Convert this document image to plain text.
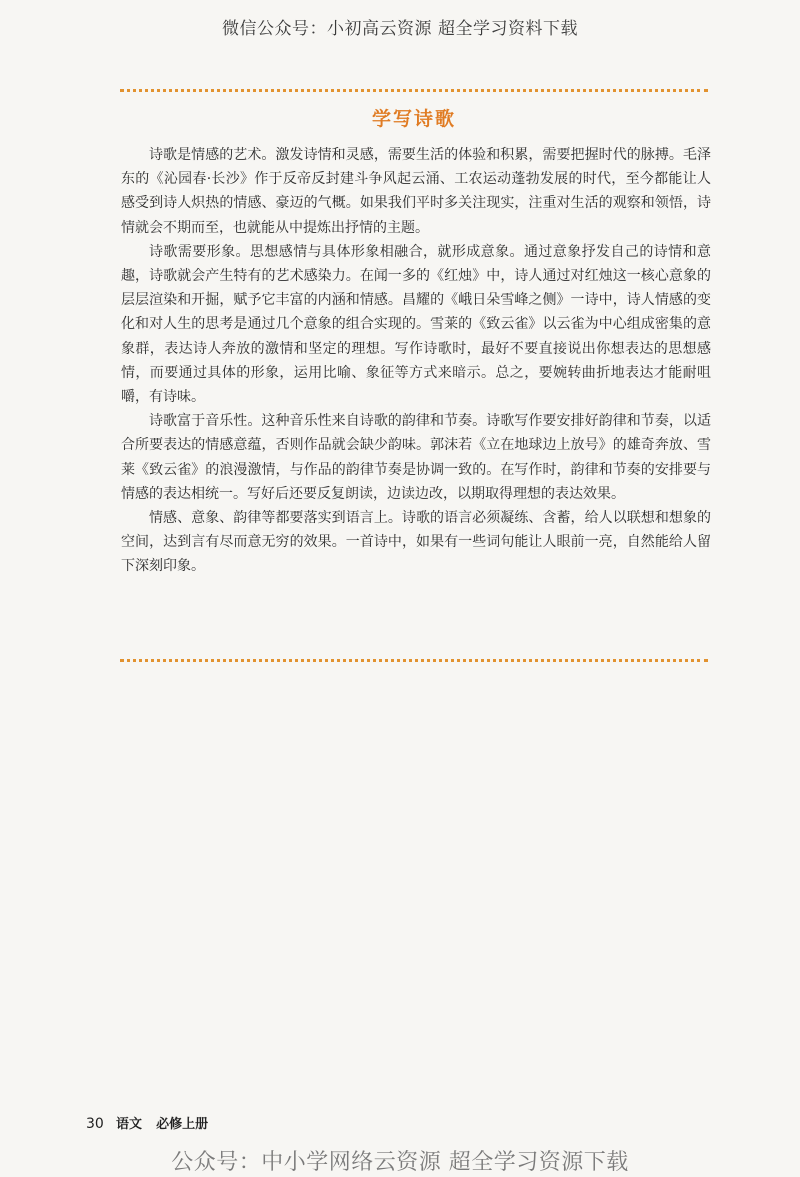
微信公众号：小初高云资源 超全学习资料下载
学写诗歌

诗歌是情感的艺术。激发诗情和灵感，需要生活的体验和积累，需要把握时代的脉搏。毛泽东的《沁园春·长沙》作于反帝反封建斗争风起云涌、工农运动蓬勃发展的时代，至今都能让人感受到诗人炽热的情感、豪迈的气概。如果我们平时多关注现实，注重对生活的观察和领悟，诗情就会不期而至，也就能从中提炼出抒情的主题。

诗歌需要形象。思想感情与具体形象相融合，就形成意象。通过意象抒发自己的诗情和意趣，诗歌就会产生特有的艺术感染力。在闻一多的《红烛》中，诗人通过对红烛这一核心意象的层层渲染和开掘，赋予它丰富的内涵和情感。昌耀的《峨日朵雪峰之侧》一诗中，诗人情感的变化和对人生的思考是通过几个意象的组合实现的。雪莱的《致云雀》以云雀为中心组成密集的意象群，表达诗人奔放的激情和坚定的理想。写作诗歌时，最好不要直接说出你想表达的思想感情，而要通过具体的形象，运用比喻、象征等方式来暗示。总之，要婉转曲折地表达才能耐咀嚼，有诗味。

诗歌富于音乐性。这种音乐性来自诗歌的韵律和节奏。诗歌写作要安排好韵律和节奏，以适合所要表达的情感意蕴，否则作品就会缺少韵味。郭沫若《立在地球边上放号》的雄奇奔放、雪莱《致云雀》的浪漫激情，与作品的韵律节奏是协调一致的。在写作时，韵律和节奏的安排要与情感的表达相统一。写好后还要反复朗读，边读边改，以期取得理想的表达效果。

情感、意象、韵律等都要落实到语言上。诗歌的语言必须凝练、含蓄，给人以联想和想象的空间，达到言有尽而意无穷的效果。一首诗中，如果有一些词句能让人眼前一亮，自然能给人留下深刻印象。

30 语文 必修上册
公众号：中小学网络云资源 超全学习资源下载
